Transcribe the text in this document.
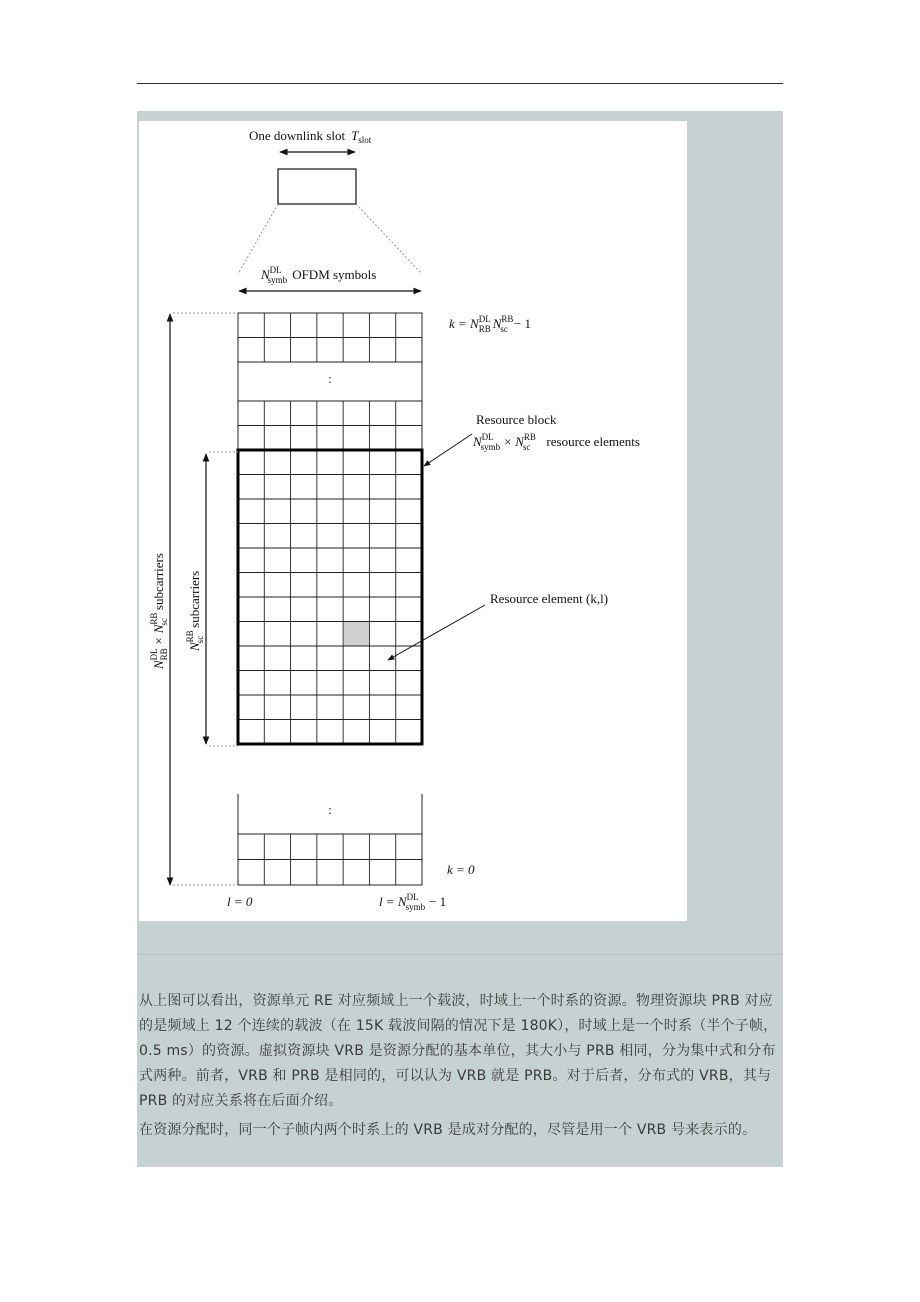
One downlink slot $T_{slot}$
$N^{DL}$ symb OFDM symbols
$k = N^{DL}$ RB $N^{RB}$ sc − 1
:
:
Resource block
$N^{DL}$ symb × $N^{RB}$ sc resource elements
Resource element (k,l)
$N^{DL}RB\times$ $N^{RB}scsubcarriers$
$N^{RB}scsubcarriers$
k = 0
l = 0	$l = N^{DL}$ symb − 1

从上图可以看出，资源单元 RE 对应频域上一个载波，时域上一个时系的资源。物理资源块 PRB 对应的是频域上 12 个连续的载波（在 15K 载波间隔的情况下是 180K），时域上是一个时系（半个子帧，0.5 ms）的资源。虚拟资源块 VRB 是资源分配的基本单位，其大小与 PRB 相同，分为集中式和分布式两种。前者，VRB 和 PRB 是相同的，可以认为 VRB 就是 PRB。对于后者，分布式的 VRB，其与 PRB 的对应关系将在后面介绍。

在资源分配时，同一个子帧内两个时系上的 VRB 是成对分配的，尽管是用一个 VRB 号来表示的。
